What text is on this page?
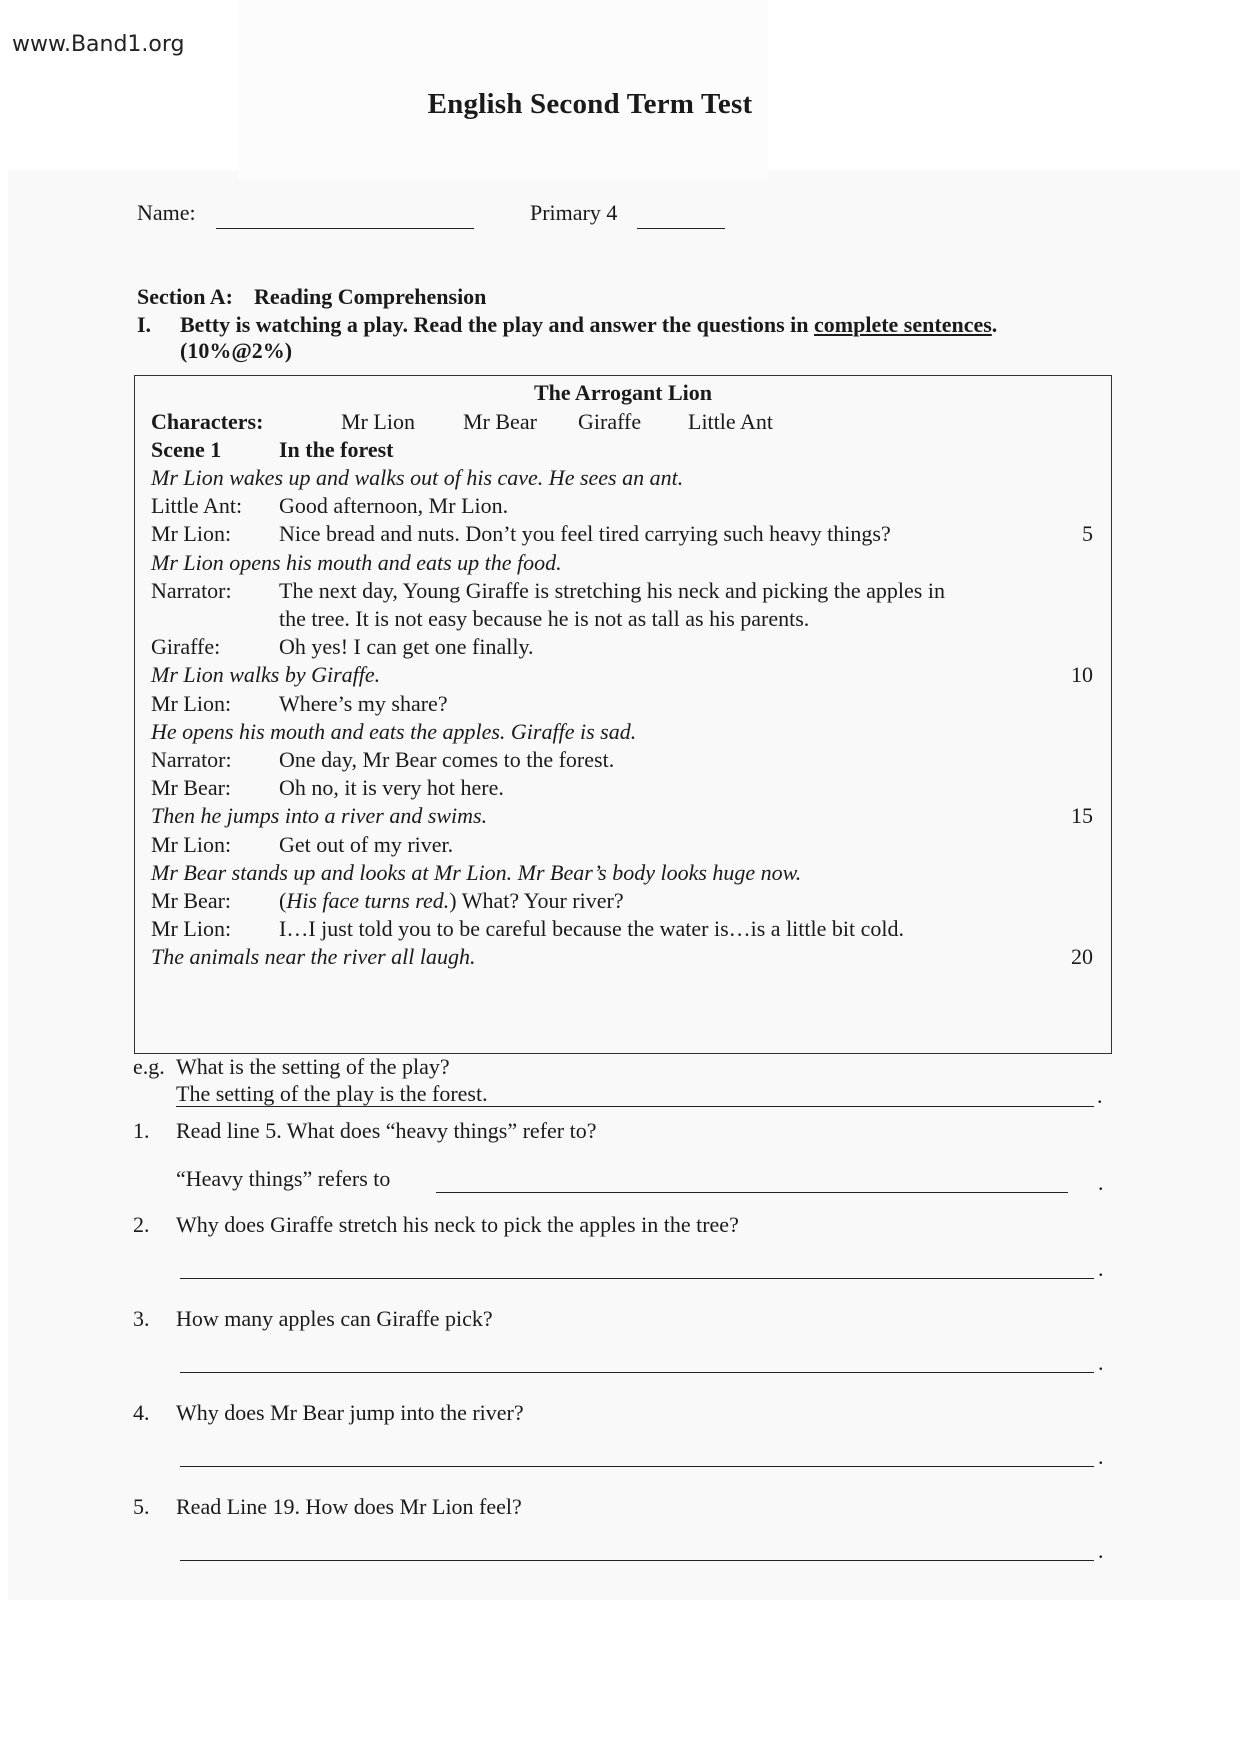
www.Band1.org
English Second Term Test
Name:	Primary 4
Section A: Reading Comprehension
I. Betty is watching a play. Read the play and answer the questions in complete sentences.
(10%@2%)
The Arrogant Lion
Characters:	Mr Lion Mr Bear Giraffe Little Ant
Scene 1	In the forest
Mr Lion wakes up and walks out of his cave. He sees an ant.
Little Ant: Good afternoon, Mr Lion.
Mr Lion: Nice bread and nuts. Don’t you feel tired carrying such heavy things?	5
Mr Lion opens his mouth and eats up the food.
Narrator: The next day, Young Giraffe is stretching his neck and picking the apples in
the tree. It is not easy because he is not as tall as his parents.
Giraffe:	Oh yes! I can get one finally.
Mr Lion walks by Giraffe.	10
Mr Lion: Where’s my share?
He opens his mouth and eats the apples. Giraffe is sad.
Narrator: One day, Mr Bear comes to the forest.
Mr Bear: Oh no, it is very hot here.
Then he jumps into a river and swims.	15
Mr Lion: Get out of my river.
Mr Bear stands up and looks at Mr Lion. Mr Bear’s body looks huge now.
Mr Bear: (His face turns red.) What? Your river?
Mr Lion: I…I just told you to be careful because the water is…is a little bit cold.
The animals near the river all laugh.	20
e.g. What is the setting of the play?
The setting of the play is the forest.	.
1. Read line 5. What does “heavy things” refer to?
“Heavy things” refers to	.
2. Why does Giraffe stretch his neck to pick the apples in the tree?
.
3. How many apples can Giraffe pick?
.
4. Why does Mr Bear jump into the river?
.
5. Read Line 19. How does Mr Lion feel?
.
